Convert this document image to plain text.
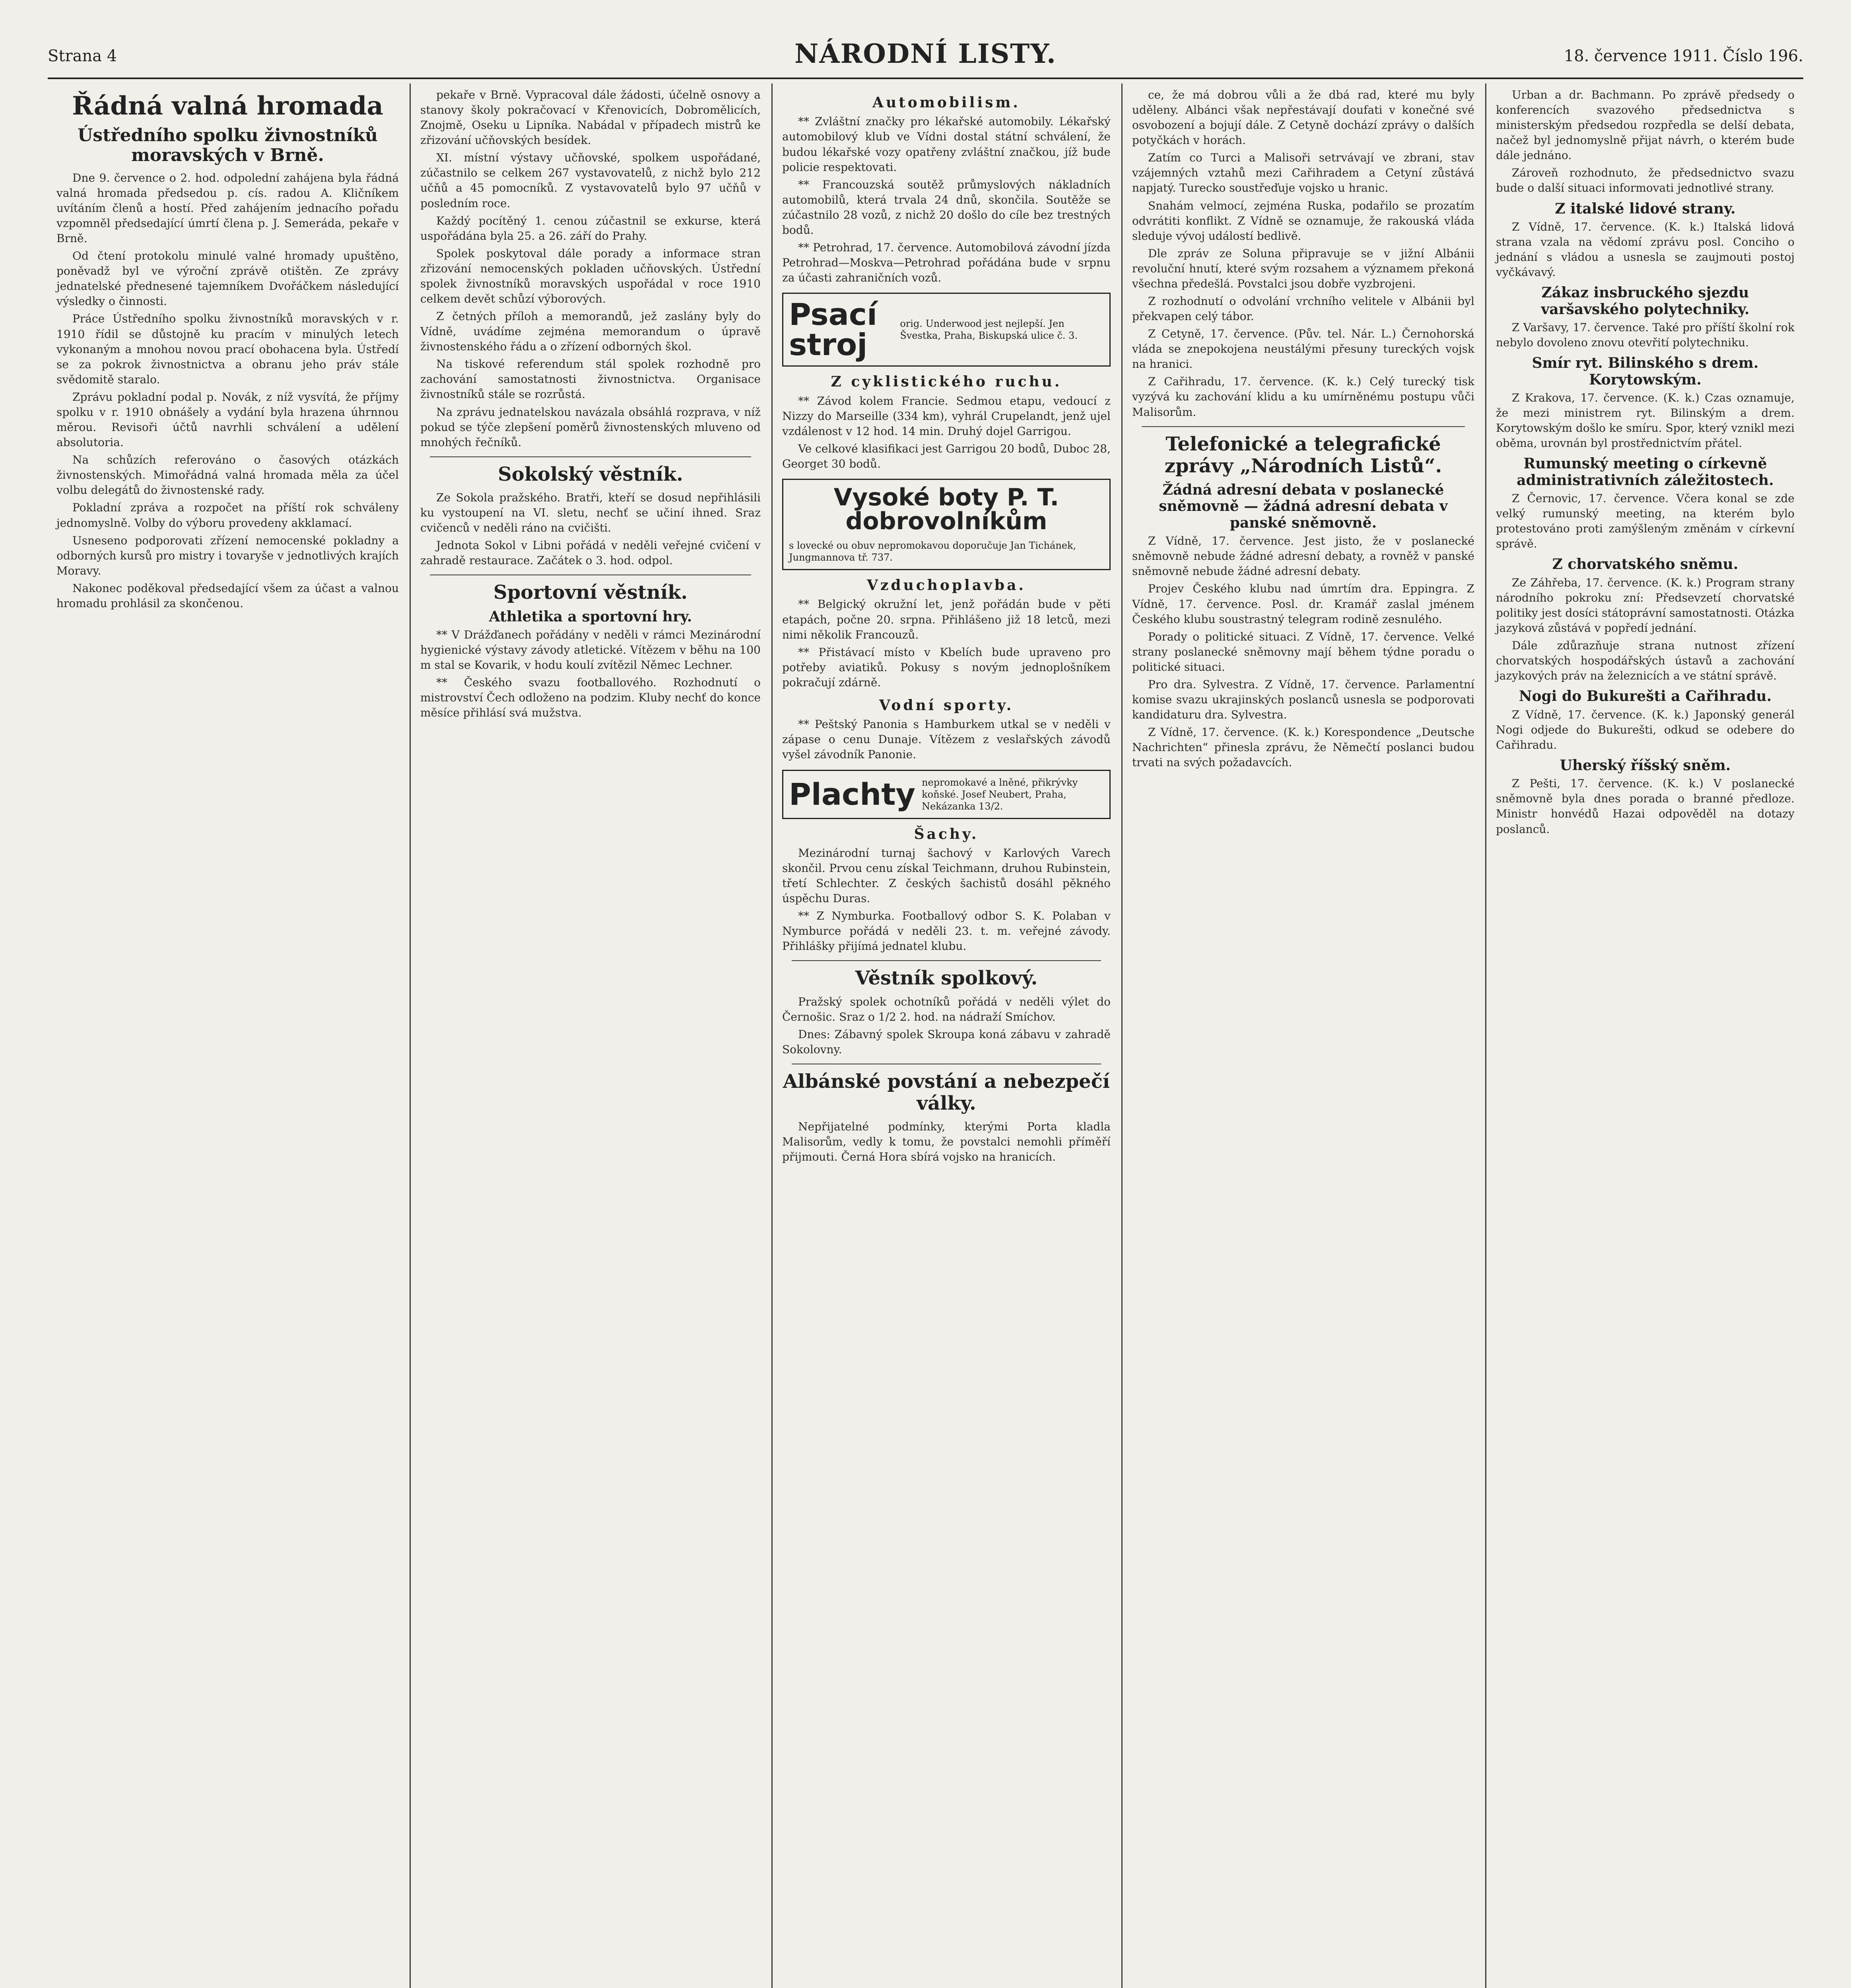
Strana 4	NÁRODNÍ LISTY.	18. července 1911. Číslo 196.
Řádná valná hromada
Ústředního spolku živnostníků moravských v Brně.

Dne 9. července o 2. hod. odpolední zahájena byla řádná valná hromada předsedou p. cís. radou A. Kličníkem uvítáním členů a hostí. Před zahájením jednacího pořadu vzpomněl předsedající úmrtí člena p. J. Semeráda, pekaře v Brně.

Od čtení protokolu minulé valné hromady upuštěno, poněvadž byl ve výroční zprávě otištěn. Ze zprávy jednatelské přednesené tajemníkem Dvořáčkem následující výsledky o činnosti.

Práce Ústředního spolku živnostníků moravských v r. 1910 řídil se důstojně ku pracím v minulých letech vykonaným a mnohou novou prací obohacena byla. Ústředí se za pokrok živnostnictva a obranu jeho práv stále svědomitě staralo.

Zprávu pokladní podal p. Novák, z níž vysvítá, že příjmy spolku v r. 1910 obnášely a vydání byla hrazena úhrnnou měrou. Revisoři účtů navrhli schválení a udělení absolutoria.

Na schůzích referováno o časových otázkách živnostenských. Mimořádná valná hromada měla za účel volbu delegátů do živnostenské rady.

Pokladní zpráva a rozpočet na příští rok schváleny jednomyslně. Volby do výboru provedeny akklamací.

Usneseno podporovati zřízení nemocenské pokladny a odborných kursů pro mistry i tovaryše v jednotlivých krajích Moravy.

Nakonec poděkoval předsedající všem za účast a valnou hromadu prohlásil za skončenou.

pekaře v Brně. Vypracoval dále žádosti, účelně osnovy a stanovy školy pokračovací v Křenovicích, Dobromělicích, Znojmě, Oseku u Lipníka. Nabádal v případech mistrů ke zřizování učňovských besídek.

XI. místní výstavy učňovské, spolkem uspořádané, zúčastnilo se celkem 267 vystavovatelů, z nichž bylo 212 učňů a 45 pomocníků. Z vystavovatelů bylo 97 učňů v posledním roce.

Každý pocítěný 1. cenou zúčastnil se exkurse, která uspořádána byla 25. a 26. září do Prahy.

Spolek poskytoval dále porady a informace stran zřizování nemocenských pokladen učňovských. Ústřední spolek živnostníků moravských uspořádal v roce 1910 celkem devět schůzí výborových.

Z četných příloh a memorandů, jež zaslány byly do Vídně, uvádíme zejména memorandum o úpravě živnostenského řádu a o zřízení odborných škol.

Na tiskové referendum stál spolek rozhodně pro zachování samostatnosti živnostnictva. Organisace živnostníků stále se rozrůstá.

Na zprávu jednatelskou navázala obsáhlá rozprava, v níž pokud se týče zlepšení poměrů živnostenských mluveno od mnohých řečníků.

Sokolský věstník.

Ze Sokola pražského. Bratři, kteří se dosud nepřihlásili ku vystoupení na VI. sletu, nechť se učiní ihned. Sraz cvičenců v neděli ráno na cvičišti.

Jednota Sokol v Libni pořádá v neděli veřejné cvičení v zahradě restaurace. Začátek o 3. hod. odpol.

Sportovní věstník.
Athletika a sportovní hry.

** V Drážďanech pořádány v neděli v rámci Mezinárodní hygienické výstavy závody atletické. Vítězem v běhu na 100 m stal se Kovarik, v hodu koulí zvítězil Němec Lechner.

** Českého svazu footballového. Rozhodnutí o mistrovství Čech odloženo na podzim. Kluby nechť do konce měsíce přihlásí svá mužstva.

Automobilism.

** Zvláštní značky pro lékařské automobily. Lékařský automobilový klub ve Vídni dostal státní schválení, že budou lékařské vozy opatřeny zvláštní značkou, jíž bude policie respektovati.

** Francouzská soutěž průmyslových nákladních automobilů, která trvala 24 dnů, skončila. Soutěže se zúčastnilo 28 vozů, z nichž 20 došlo do cíle bez trestných bodů.

** Petrohrad, 17. července. Automobilová závodní jízda Petrohrad—Moskva—Petrohrad pořádána bude v srpnu za účasti zahraničních vozů.

Psací stroj
orig. Underwood jest nejlepší. Jen Švestka, Praha, Biskupská ulice č. 3.
Z cyklistického ruchu.

** Závod kolem Francie. Sedmou etapu, vedoucí z Nizzy do Marseille (334 km), vyhrál Crupelandt, jenž ujel vzdálenost v 12 hod. 14 min. Druhý dojel Garrigou.

Ve celkové klasifikaci jest Garrigou 20 bodů, Duboc 28, Georget 30 bodů.

Vysoké boty P. T. dobrovolníkům
s lovecké ou obuv nepromokavou doporučuje Jan Tichánek, Jungmannova tř. 737.
Vzduchoplavba.

** Belgický okružní let, jenž pořádán bude v pěti etapách, počne 20. srpna. Přihlášeno již 18 letců, mezi nimi několik Francouzů.

** Přistávací místo v Kbelích bude upraveno pro potřeby aviatiků. Pokusy s novým jednoplošníkem pokračují zdárně.

Vodní sporty.

** Peštský Panonia s Hamburkem utkal se v neděli v zápase o cenu Dunaje. Vítězem z veslařských závodů vyšel závodník Panonie.

Plachty nepromokavé a lněné, přikrývky koňské. Josef Neubert, Praha, Nekázanka 13/2.
Šachy.

Mezinárodní turnaj šachový v Karlových Varech skončil. Prvou cenu získal Teichmann, druhou Rubinstein, třetí Schlechter. Z českých šachistů dosáhl pěkného úspěchu Duras.

** Z Nymburka. Footballový odbor S. K. Polaban v Nymburce pořádá v neděli 23. t. m. veřejné závody. Přihlášky přijímá jednatel klubu.

Věstník spolkový.

Pražský spolek ochotníků pořádá v neděli výlet do Černošic. Sraz o 1/2 2. hod. na nádraží Smíchov.

Dnes: Zábavný spolek Skroupa koná zábavu v zahradě Sokolovny.

Albánské povstání a nebezpečí války.

Nepřijatelné podmínky, kterými Porta kladla Malisorům, vedly k tomu, že povstalci nemohli příměří přijmouti. Černá Hora sbírá vojsko na hranicích.

ce, že má dobrou vůli a že dbá rad, které mu byly uděleny. Albánci však nepřestávají doufati v konečné své osvobození a bojují dále. Z Cetyně dochází zprávy o dalších potyčkách v horách.

Zatím co Turci a Malisoři setrvávají ve zbrani, stav vzájemných vztahů mezi Cařihradem a Cetyní zůstává napjatý. Turecko soustřeďuje vojsko u hranic.

Snahám velmocí, zejména Ruska, podařilo se prozatím odvrátiti konflikt. Z Vídně se oznamuje, že rakouská vláda sleduje vývoj událostí bedlivě.

Dle zpráv ze Soluna připravuje se v jižní Albánii revoluční hnutí, které svým rozsahem a významem překoná všechna předešlá. Povstalci jsou dobře vyzbrojeni.

Z rozhodnutí o odvolání vrchního velitele v Albánii byl překvapen celý tábor.

Z Cetyně, 17. července. (Pův. tel. Nár. L.) Černohorská vláda se znepokojena neustálými přesuny tureckých vojsk na hranici.

Z Cařihradu, 17. července. (K. k.) Celý turecký tisk vyzývá ku zachování klidu a ku umírněnému postupu vůči Malisorům.

Telefonické a telegrafické zprávy „Národních Listů“.
Žádná adresní debata v poslanecké sněmovně — žádná adresní debata v panské sněmovně.

Z Vídně, 17. července. Jest jisto, že v poslanecké sněmovně nebude žádné adresní debaty, a rovněž v panské sněmovně nebude žádné adresní debaty.

Projev Českého klubu nad úmrtím dra. Eppingra. Z Vídně, 17. července. Posl. dr. Kramář zaslal jménem Českého klubu soustrastný telegram rodině zesnulého.

Porady o politické situaci. Z Vídně, 17. července. Velké strany poslanecké sněmovny mají během týdne poradu o politické situaci.

Pro dra. Sylvestra. Z Vídně, 17. července. Parlamentní komise svazu ukrajinských poslanců usnesla se podporovati kandidaturu dra. Sylvestra.

Z Vídně, 17. července. (K. k.) Korespondence „Deutsche Nachrichten“ přinesla zprávu, že Němečtí poslanci budou trvati na svých požadavcích.

Urban a dr. Bachmann. Po zprávě předsedy o konferencích svazového předsednictva s ministerským předsedou rozpředla se delší debata, načež byl jednomyslně přijat návrh, o kterém bude dále jednáno.

Zároveň rozhodnuto, že předsednictvo svazu bude o další situaci informovati jednotlivé strany.

Z italské lidové strany.

Z Vídně, 17. července. (K. k.) Italská lidová strana vzala na vědomí zprávu posl. Conciho o jednání s vládou a usnesla se zaujmouti postoj vyčkávavý.

Zákaz insbruckého sjezdu varšavského polytechniky.

Z Varšavy, 17. července. Také pro příští školní rok nebylo dovoleno znovu otevřití polytechniku.

Smír ryt. Bilinského s drem. Korytowským.

Z Krakova, 17. července. (K. k.) Czas oznamuje, že mezi ministrem ryt. Bilinským a drem. Korytowským došlo ke smíru. Spor, který vznikl mezi oběma, urovnán byl prostřednictvím přátel.

Rumunský meeting o církevně administrativních záležitostech.

Z Černovic, 17. července. Včera konal se zde velký rumunský meeting, na kterém bylo protestováno proti zamýšleným změnám v církevní správě.

Z chorvatského sněmu.

Ze Záhřeba, 17. července. (K. k.) Program strany národního pokroku zní: Předsevzetí chorvatské politiky jest dosíci státoprávní samostatnosti. Otázka jazyková zůstává v popředí jednání.

Dále zdůrazňuje strana nutnost zřízení chorvatských hospodářských ústavů a zachování jazykových práv na železnicích a ve státní správě.

Nogi do Bukurešti a Cařihradu.

Z Vídně, 17. července. (K. k.) Japonský generál Nogi odjede do Bukurešti, odkud se odebere do Cařihradu.

Uherský říšský sněm.

Z Pešti, 17. července. (K. k.) V poslanecké sněmovně byla dnes porada o branné předloze. Ministr honvédů Hazai odpověděl na dotazy poslanců.
